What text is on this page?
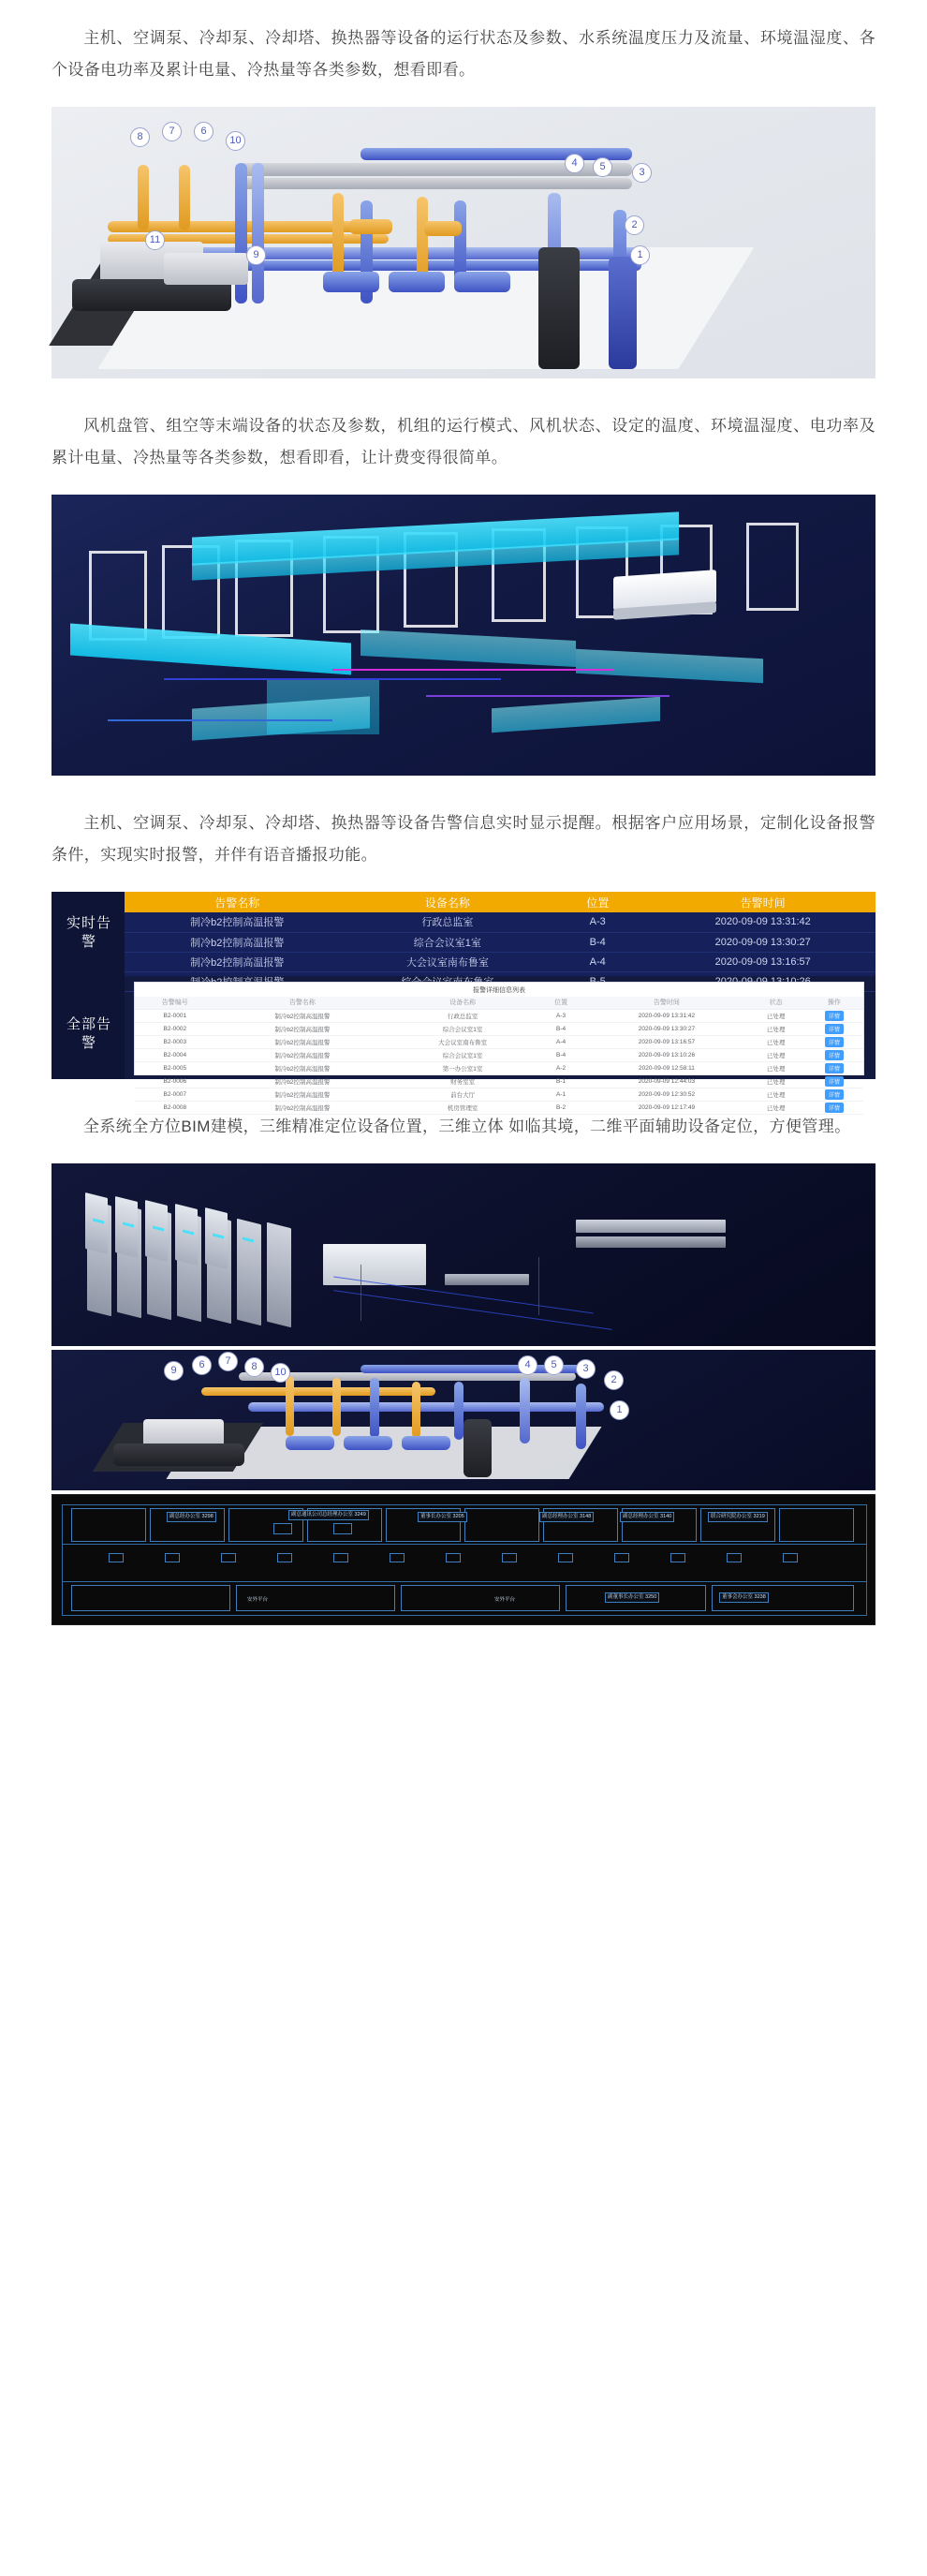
主机、空调泵、冷却泵、冷却塔、换热器等设备的运行状态及参数、水系统温度压力及流量、环境温湿度、各个设备电功率及累计电量、冷热量等各类参数，想看即看。

8	7	6
10
4	5	3
2
1
11
9

风机盘管、组空等末端设备的状态及参数，机组的运行模式、风机状态、设定的温度、环境温湿度、电功率及累计电量、冷热量等各类参数，想看即看，让计费变得很简单。

主机、空调泵、冷却泵、冷却塔、换热器等设备告警信息实时显示提醒。根据客户应用场景，定制化设备报警条件，实现实时报警，并伴有语音播报功能。

实时告警
全部告警
告警名称	设备名称	位置	告警时间
制冷b2控制高温报警	行政总监室	A-3	2020-09-09 13:31:42
制冷b2控制高温报警	综合会议室1室	B-4	2020-09-09 13:30:27
制冷b2控制高温报警	大会议室南布鲁室	A-4	2020-09-09 13:16:57

报警详细信息列表
告警编号	告警名称	设备名称	位置	告警时间	状态	操作
B2-0001	制冷b2控制高温报警	行政总监室	A-3	2020-09-09 13:31:42	已处理	详情
B2-0002	制冷b2控制高温报警	综合会议室1室	B-4	2020-09-09 13:30:27	已处理	详情
B2-0003	制冷b2控制高温报警	大会议室南布鲁室	A-4	2020-09-09 13:16:57	已处理	详情
B2-0004	制冷b2控制高温报警	综合会议室1室	B-4	2020-09-09 13:10:26	已处理	详情
B2-0005	制冷b2控制高温报警	第一办公室1室	A-2	2020-09-09 12:58:11	已处理	详情
B2-0006	制冷b2控制高温报警	财务室室	B-1	2020-09-09 12:44:03	已处理	详情
B2-0007	制冷b2控制高温报警	前台大厅	A-1	2020-09-09 12:30:52	已处理	详情
B2-0008	制冷b2控制高温报警	机房管理室	B-2	2020-09-09 12:17:49	已处理	详情

全系统全方位BIM建模，三维精准定位设备位置，三维立体 如临其境，二维平面辅助设备定位，方便管理。

6	7
9	8	10
4	5	3
2
1
副总经办公室 3298	副总通讯公司总经理办公室 3249	董事长办公室 3205	副总经理办公室 3148	副总经理办公室 3140	联合研究院办公室 3219
安外平台	安外平台	副董事长办公室 3250	董事会办公室 3238
